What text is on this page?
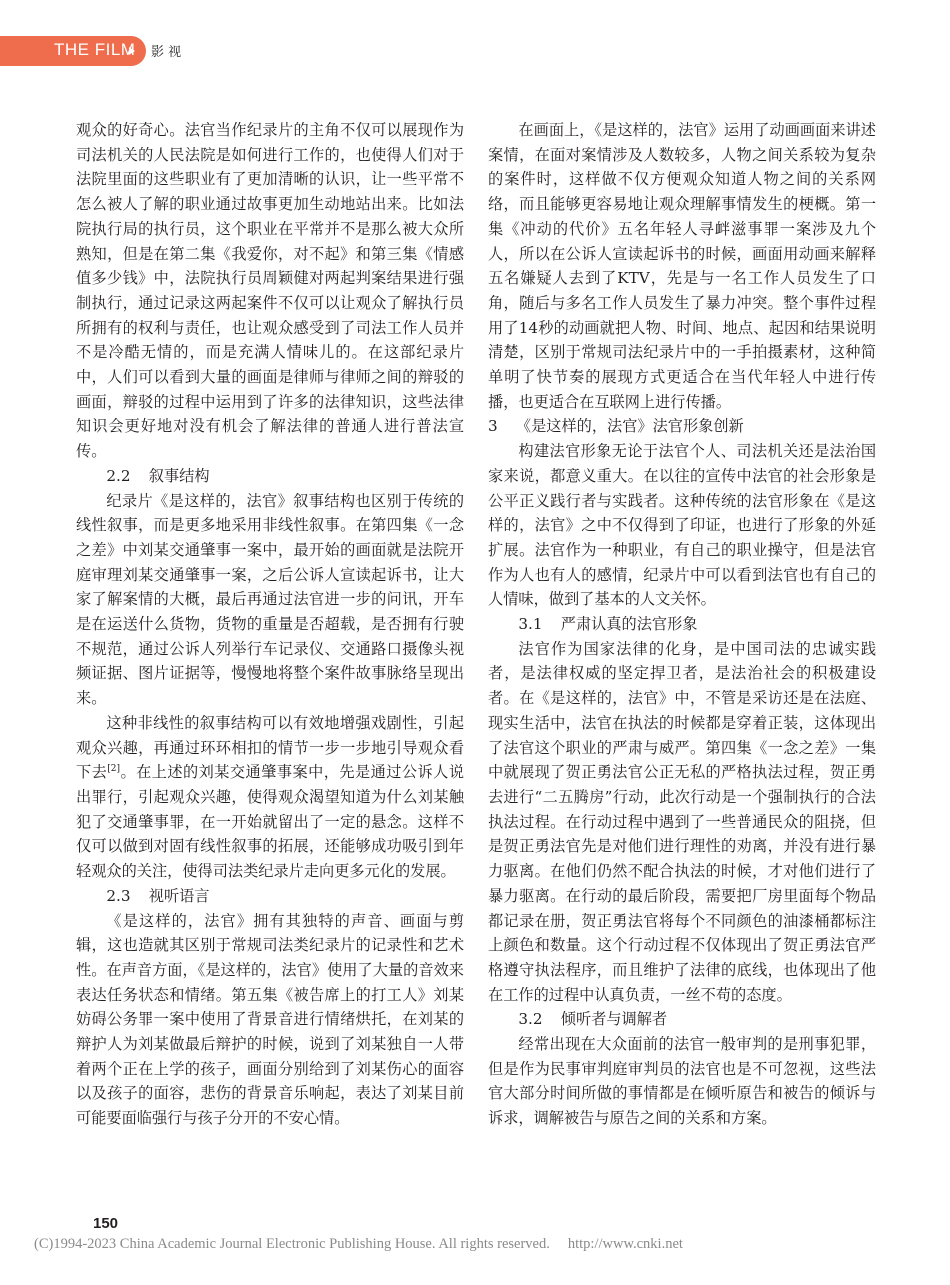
THE FILM 影 视

观众的好奇心。法官当作纪录片的主角不仅可以展现作为司法机关的人民法院是如何进行工作的，也使得人们对于法院里面的这些职业有了更加清晰的认识，让一些平常不怎么被人了解的职业通过故事更加生动地站出来。比如法院执行局的执行员，这个职业在平常并不是那么被大众所熟知，但是在第二集《我爱你，对不起》和第三集《情感值多少钱》中，法院执行员周颖健对两起判案结果进行强制执行，通过记录这两起案件不仅可以让观众了解执行员所拥有的权利与责任，也让观众感受到了司法工作人员并不是冷酷无情的，而是充满人情味儿的。在这部纪录片中，人们可以看到大量的画面是律师与律师之间的辩驳的画面，辩驳的过程中运用到了许多的法律知识，这些法律知识会更好地对没有机会了解法律的普通人进行普法宣传。

2.2 叙事结构

纪录片《是这样的，法官》叙事结构也区别于传统的线性叙事，而是更多地采用非线性叙事。在第四集《一念之差》中刘某交通肇事一案中，最开始的画面就是法院开庭审理刘某交通肇事一案，之后公诉人宣读起诉书，让大家了解案情的大概，最后再通过法官进一步的问讯，开车是在运送什么货物，货物的重量是否超载，是否拥有行驶不规范，通过公诉人列举行车记录仪、交通路口摄像头视频证据、图片证据等，慢慢地将整个案件故事脉络呈现出来。

这种非线性的叙事结构可以有效地增强戏剧性，引起观众兴趣，再通过环环相扣的情节一步一步地引导观众看下去[2]。在上述的刘某交通肇事案中，先是通过公诉人说出罪行，引起观众兴趣，使得观众渴望知道为什么刘某触犯了交通肇事罪，在一开始就留出了一定的悬念。这样不仅可以做到对固有线性叙事的拓展，还能够成功吸引到年轻观众的关注，使得司法类纪录片走向更多元化的发展。

2.3 视听语言

《是这样的，法官》拥有其独特的声音、画面与剪辑，这也造就其区别于常规司法类纪录片的记录性和艺术性。在声音方面，《是这样的，法官》使用了大量的音效来表达任务状态和情绪。第五集《被告席上的打工人》刘某妨碍公务罪一案中使用了背景音进行情绪烘托，在刘某的辩护人为刘某做最后辩护的时候，说到了刘某独自一人带着两个正在上学的孩子，画面分别给到了刘某伤心的面容以及孩子的面容，悲伤的背景音乐响起，表达了刘某目前可能要面临强行与孩子分开的不安心情。

在画面上，《是这样的，法官》运用了动画画面来讲述案情，在面对案情涉及人数较多，人物之间关系较为复杂的案件时，这样做不仅方便观众知道人物之间的关系网络，而且能够更容易地让观众理解事情发生的梗概。第一集《冲动的代价》五名年轻人寻衅滋事罪一案涉及九个人，所以在公诉人宣读起诉书的时候，画面用动画来解释五名嫌疑人去到了KTV，先是与一名工作人员发生了口角，随后与多名工作人员发生了暴力冲突。整个事件过程用了14秒的动画就把人物、时间、地点、起因和结果说明清楚，区别于常规司法纪录片中的一手拍摄素材，这种简单明了快节奏的展现方式更适合在当代年轻人中进行传播，也更适合在互联网上进行传播。

3 《是这样的，法官》法官形象创新

构建法官形象无论于法官个人、司法机关还是法治国家来说，都意义重大。在以往的宣传中法官的社会形象是公平正义践行者与实践者。这种传统的法官形象在《是这样的，法官》之中不仅得到了印证，也进行了形象的外延扩展。法官作为一种职业，有自己的职业操守，但是法官作为人也有人的感情，纪录片中可以看到法官也有自己的人情味，做到了基本的人文关怀。

3.1 严肃认真的法官形象

法官作为国家法律的化身，是中国司法的忠诚实践者，是法律权威的坚定捍卫者，是法治社会的积极建设者。在《是这样的，法官》中，不管是采访还是在法庭、现实生活中，法官在执法的时候都是穿着正装，这体现出了法官这个职业的严肃与威严。第四集《一念之差》一集中就展现了贺正勇法官公正无私的严格执法过程，贺正勇去进行“二五腾房”行动，此次行动是一个强制执行的合法执法过程。在行动过程中遇到了一些普通民众的阻挠，但是贺正勇法官先是对他们进行理性的劝离，并没有进行暴力驱离。在他们仍然不配合执法的时候，才对他们进行了暴力驱离。在行动的最后阶段，需要把厂房里面每个物品都记录在册，贺正勇法官将每个不同颜色的油漆桶都标注上颜色和数量。这个行动过程不仅体现出了贺正勇法官严格遵守执法程序，而且维护了法律的底线，也体现出了他在工作的过程中认真负责，一丝不苟的态度。

3.2 倾听者与调解者

经常出现在大众面前的法官一般审判的是刑事犯罪，但是作为民事审判庭审判员的法官也是不可忽视，这些法官大部分时间所做的事情都是在倾听原告和被告的倾诉与诉求，调解被告与原告之间的关系和方案。

150
(C)1994-2023 China Academic Journal Electronic Publishing House. All rights reserved. http://www.cnki.net
